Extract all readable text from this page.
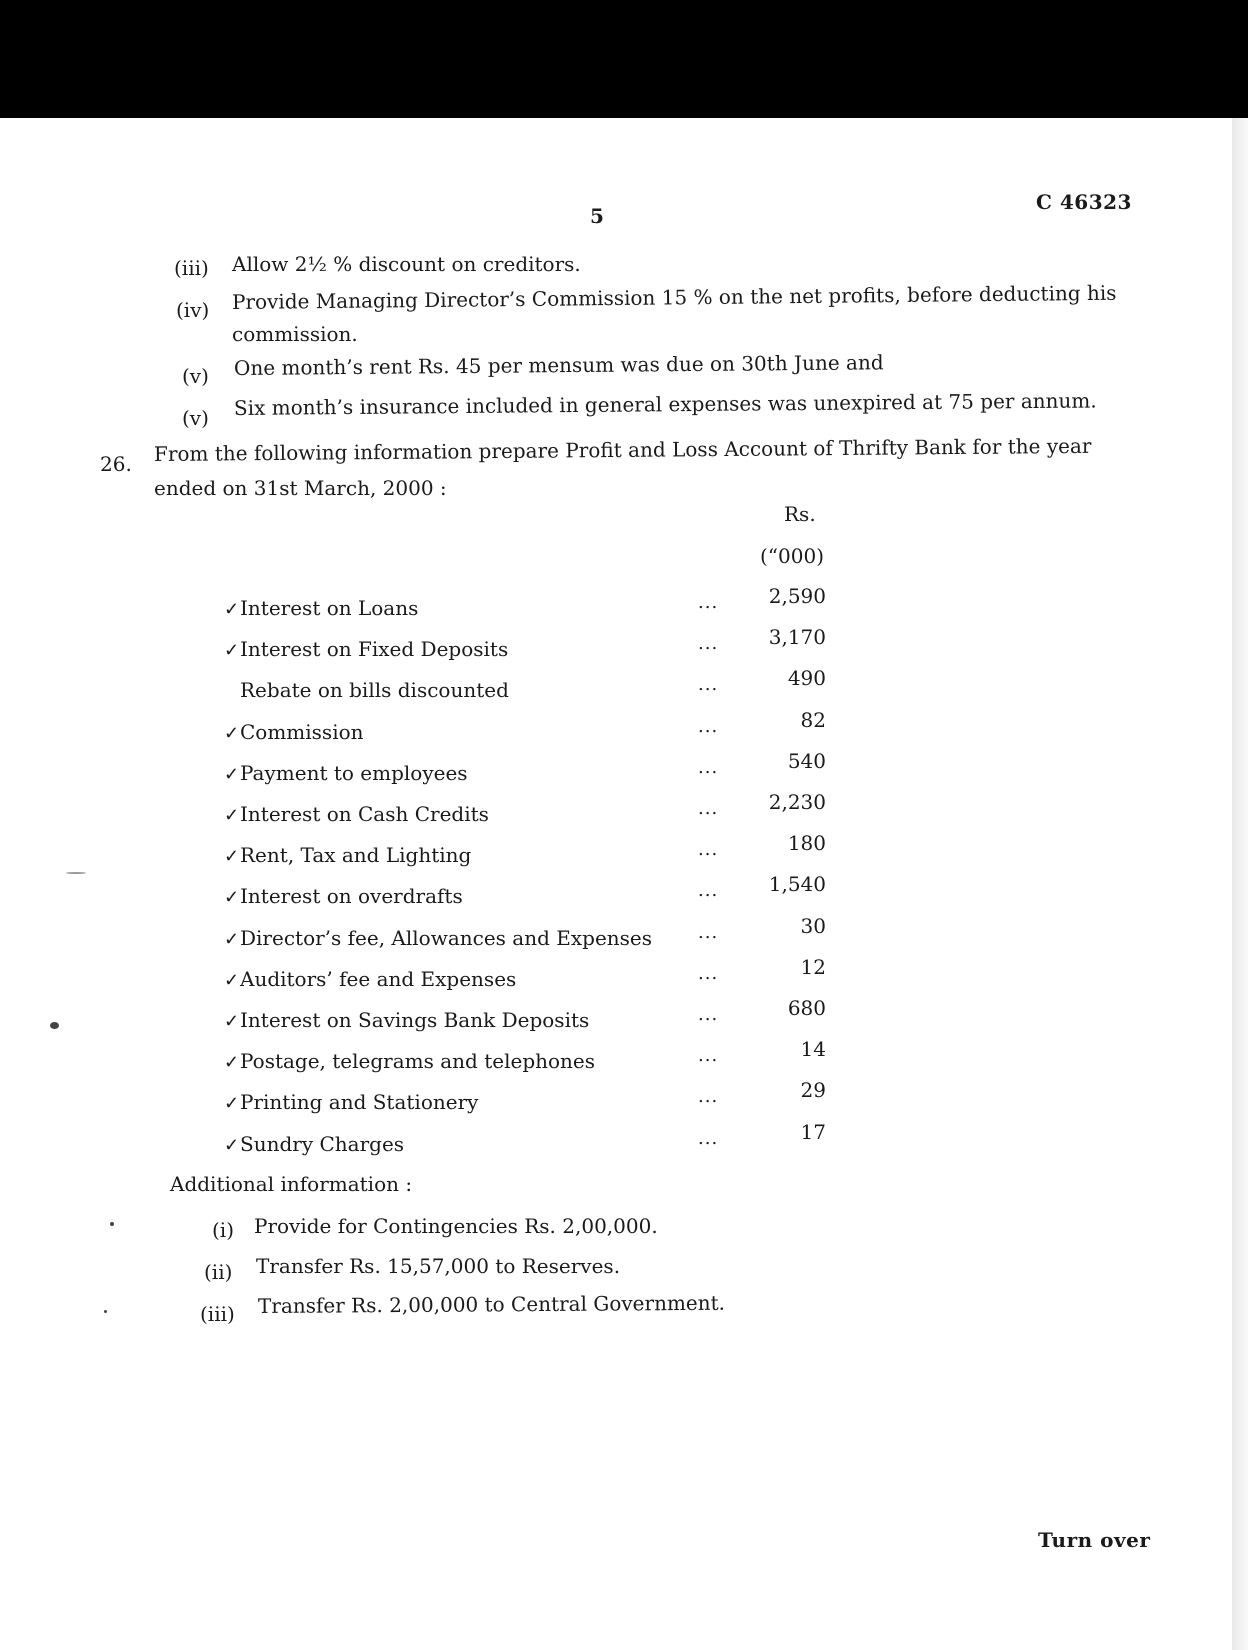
5
C 46323
(iii) Allow 2½ % discount on creditors.
(iv) Provide Managing Director’s Commission 15 % on the net profits, before deducting his
commission.
(v) One month’s rent Rs. 45 per mensum was due on 30th June and
(v) Six month’s insurance included in general expenses was unexpired at 75 per annum.
26. From the following information prepare Profit and Loss Account of Thrifty Bank for the year
ended on 31st March, 2000 :
Rs.
(“000)
✓Interest on Loans	...	2,590
✓Interest on Fixed Deposits	...	3,170
Rebate on bills discounted	...	490
✓Commission	...	82
✓Payment to employees	...	540
✓Interest on Cash Credits	...	2,230
✓Rent, Tax and Lighting	...	180
✓Interest on overdrafts	...	1,540
✓Director’s fee, Allowances and Expenses	...	30
✓Auditors’ fee and Expenses	...	12
✓Interest on Savings Bank Deposits	...	680
✓Postage, telegrams and telephones	...	14
✓Printing and Stationery	...	29
✓Sundry Charges	...	17
Additional information :
(i) Provide for Contingencies Rs. 2,00,000.
(ii) Transfer Rs. 15,57,000 to Reserves.
(iii) Transfer Rs. 2,00,000 to Central Government.
Turn over
